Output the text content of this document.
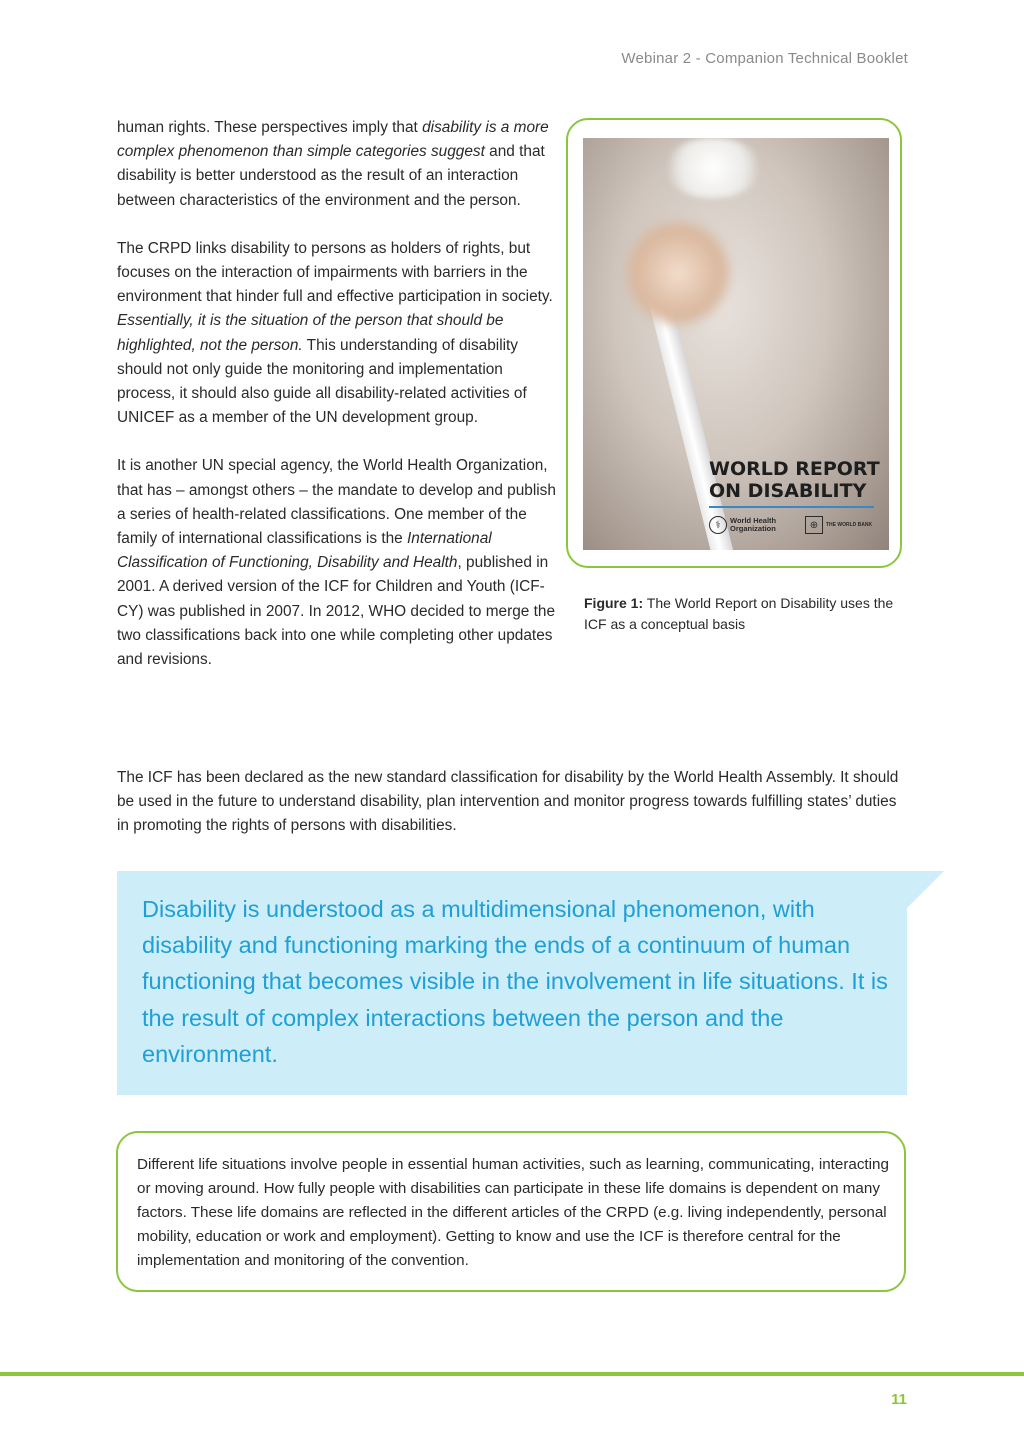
Webinar 2 - Companion Technical Booklet

human rights. These perspectives imply that disability is a more complex phenomenon than simple categories suggest and that disability is better understood as the result of an interaction between characteristics of the environment and the person.

The CRPD links disability to persons as holders of rights, but focuses on the interaction of impairments with barriers in the environment that hinder full and effective participation in society. Essentially, it is the situation of the person that should be highlighted, not the person. This understanding of disability should not only guide the monitoring and implementation process, it should also guide all disability-related activities of UNICEF as a member of the UN development group.

It is another UN special agency, the World Health Organization, that has – amongst others – the mandate to develop and publish a series of health-related classifications. One member of the family of international classifications is the International Classification of Functioning, Disability and Health, published in 2001. A derived version of the ICF for Children and Youth (ICF-CY) was published in 2007. In 2012, WHO decided to merge the two classifications back into one while completing other updates and revisions.

WORLD REPORT
ON DISABILITY
⚕	World Health Organization	⊕	THE WORLD BANK
Figure 1: The World Report on Disability uses the ICF as a conceptual basis

The ICF has been declared as the new standard classification for disability by the World Health Assembly. It should be used in the future to understand disability, plan intervention and monitor progress towards fulfilling states’ duties in promoting the rights of persons with disabilities.

Disability is understood as a multidimensional phenomenon, with disability and functioning marking the ends of a continuum of human functioning that becomes visible in the involvement in life situations. It is the result of complex interactions between the person and the environment.

Different life situations involve people in essential human activities, such as learning, communicating, interacting or moving around. How fully people with disabilities can participate in these life domains is dependent on many factors. These life domains are reflected in the different articles of the CRPD (e.g. living independently, personal mobility, education or work and employment). Getting to know and use the ICF is therefore central for the implementation and monitoring of the convention.

11
